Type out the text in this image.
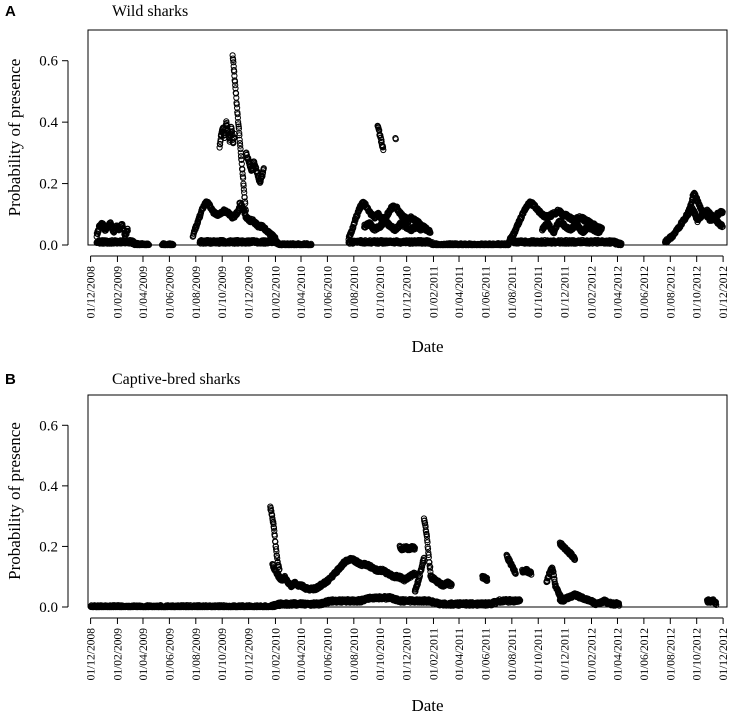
A	Wild sharks
0.0
0.2
0.4
0.6
01/12/2008 01/02/2009 01/04/2009 01/06/2009 01/08/2009 01/10/2009 01/12/2009 01/02/2010 01/04/2010 01/06/2010 01/08/2010 01/10/2010 01/12/2010 01/02/2011 01/04/2011 01/06/2011 01/08/2011 01/10/2011 01/12/2011 01/02/2012 01/04/2012 01/06/2012 01/08/2012 01/10/2012 01/12/2012
Date
Probability of presence
B	Captive-bred sharks
0.0
0.2
0.4
0.6
01/12/2008 01/02/2009 01/04/2009 01/06/2009 01/08/2009 01/10/2009 01/12/2009 01/02/2010 01/04/2010 01/06/2010 01/08/2010 01/10/2010 01/12/2010 01/02/2011 01/04/2011 01/06/2011 01/08/2011 01/10/2011 01/12/2011 01/02/2012 01/04/2012 01/06/2012 01/08/2012 01/10/2012 01/12/2012
Date
Probability of presence
